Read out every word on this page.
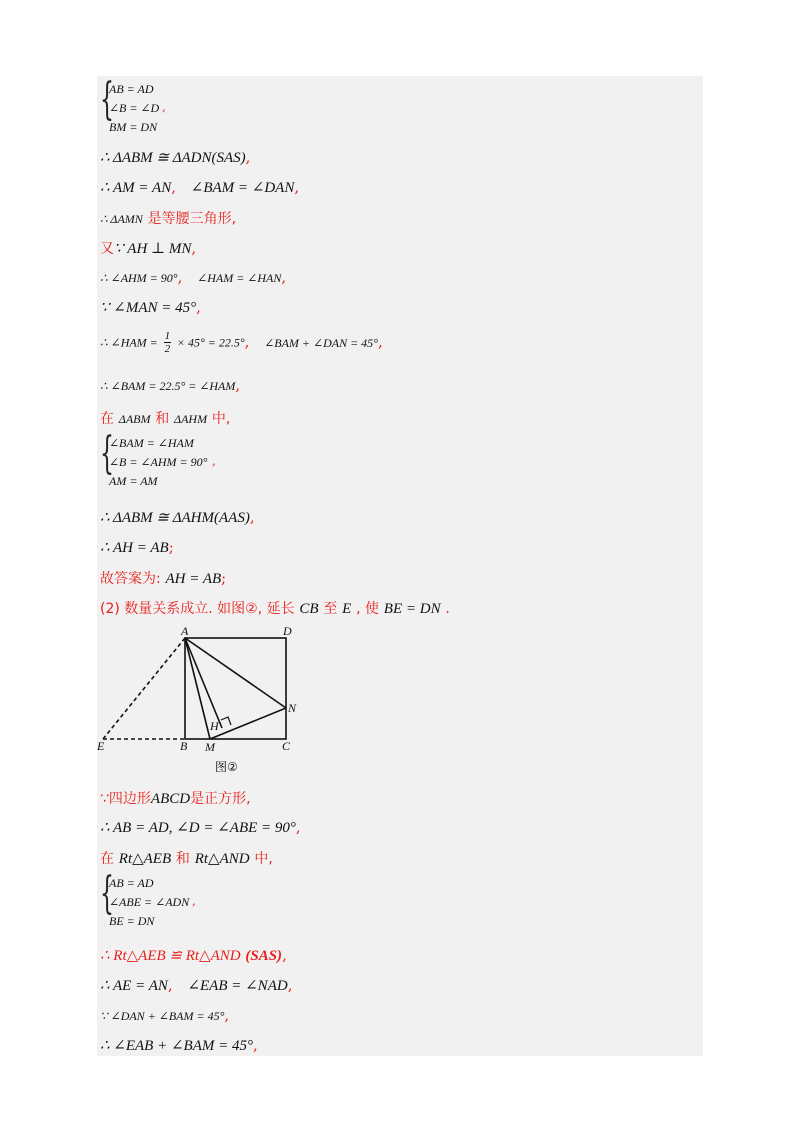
{
AB = AD
∠B = ∠D
BM = DN
,
∴ ΔABM ≅ ΔADN(SAS),
∴ AM = AN, ∠BAM = ∠DAN,
∴ ΔAMN 是等腰三角形,
又∵ AH ⊥ MN,
∴ ∠AHM = 90°, ∠HAM = ∠HAN,
∵ ∠MAN = 45°,
∴ ∠HAM = $\frac{1}{2} \times 45^\circ = 22.5^\circ$, ∠BAM + ∠DAN = 45°,
∴ ∠BAM = 22.5° = ∠HAM,
在 ΔABM 和 ΔAHM 中,
{
∠BAM = ∠HAM
∠B = ∠AHM = 90°
AM = AM
,
∴ ΔABM ≅ ΔAHM(AAS),
∴ AH = AB;
故答案为: AH = AB;
(2) 数量关系成立. 如图②, 延长 CB 至 E , 使 BE = DN .
A	D
N
H
E	B M	C
图②
∵四边形ABCD是正方形,
∴ AB = AD, ∠D = ∠ABE = 90°,
在 Rt△AEB 和 Rt△AND 中,
{
AB = AD
∠ABE = ∠ADN
BE = DN
,
∴ Rt△AEB ≌ Rt△AND (SAS),
∴ AE = AN, ∠EAB = ∠NAD,
∵ ∠DAN + ∠BAM = 45°,
∴ ∠EAB + ∠BAM = 45°,
